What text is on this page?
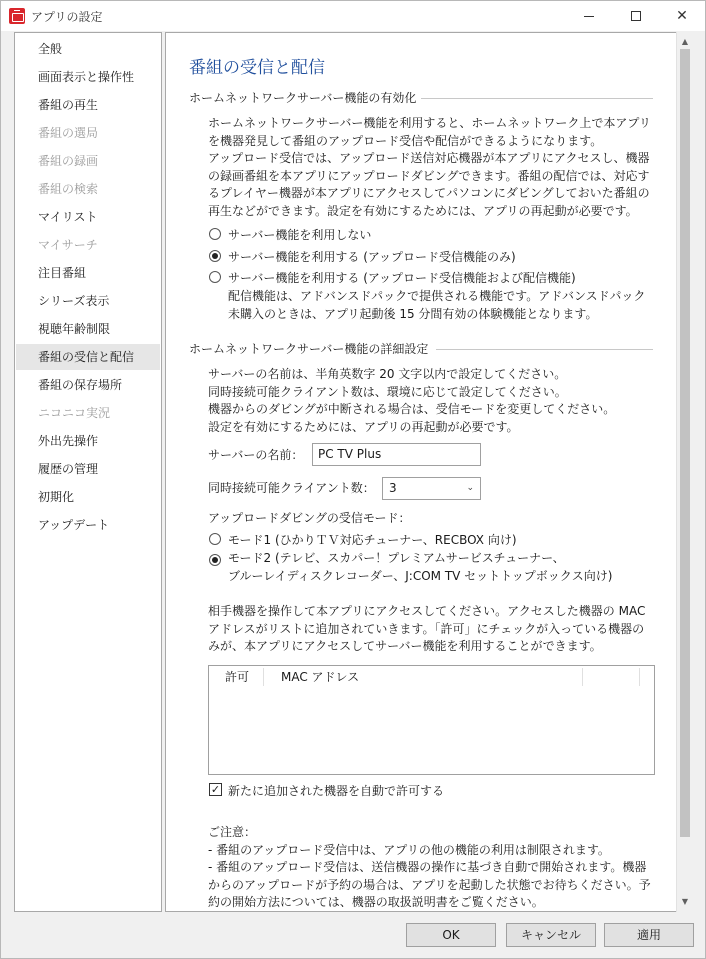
アプリの設定	✕
全般
画面表示と操作性
番組の再生
番組の選局
番組の録画
番組の検索
マイリスト
マイサーチ
注目番組
シリーズ表示
視聴年齢制限
番組の受信と配信
番組の保存場所
ニコニコ実況
外出先操作
履歴の管理
初期化
アップデート
番組の受信と配信
ホームネットワークサーバー機能の有効化
ホームネットワークサーバー機能を利用すると、ホームネットワーク上で本アプリ
を機器発見して番組のアップロード受信や配信ができるようになります。
アップロード受信では、アップロード送信対応機器が本アプリにアクセスし、機器
の録画番組を本アプリにアップロードダビングできます。番組の配信では、対応す
るプレイヤー機器が本アプリにアクセスしてパソコンにダビングしておいた番組の
再生などができます。設定を有効にするためには、アプリの再起動が必要です。
サーバー機能を利用しない
サーバー機能を利用する (アップロード受信機能のみ)
サーバー機能を利用する (アップロード受信機能および配信機能)
配信機能は、アドバンスドパックで提供される機能です。アドバンスドパック
未購入のときは、アプリ起動後 15 分間有効の体験機能となります。
ホームネットワークサーバー機能の詳細設定
サーバーの名前は、半角英数字 20 文字以内で設定してください。
同時接続可能クライアント数は、環境に応じて設定してください。
機器からのダビングが中断される場合は、受信モードを変更してください。
設定を有効にするためには、アプリの再起動が必要です。
サーバーの名前：	PC TV Plus
同時接続可能クライアント数：	3	⌄
アップロードダビングの受信モード：
モード1 (ひかりＴＶ対応チューナー、RECBOX 向け)
モード2 (テレビ、スカパー！プレミアムサービスチューナー、
ブルーレイディスクレコーダー、J:COM TV セットトップボックス向け)
相手機器を操作して本アプリにアクセスしてください。アクセスした機器の MAC
アドレスがリストに追加されていきます。「許可」にチェックが入っている機器の
みが、本アプリにアクセスしてサーバー機能を利用することができます。
許可	MAC アドレス
✓ 新たに追加された機器を自動で許可する
ご注意：
- 番組のアップロード受信中は、アプリの他の機能の利用は制限されます。
- 番組のアップロード受信は、送信機器の操作に基づき自動で開始されます。機器
からのアップロードが予約の場合は、アプリを起動した状態でお待ちください。予
約の開始方法については、機器の取扱説明書をご覧ください。
▲
▼
OK	キャンセル	適用
